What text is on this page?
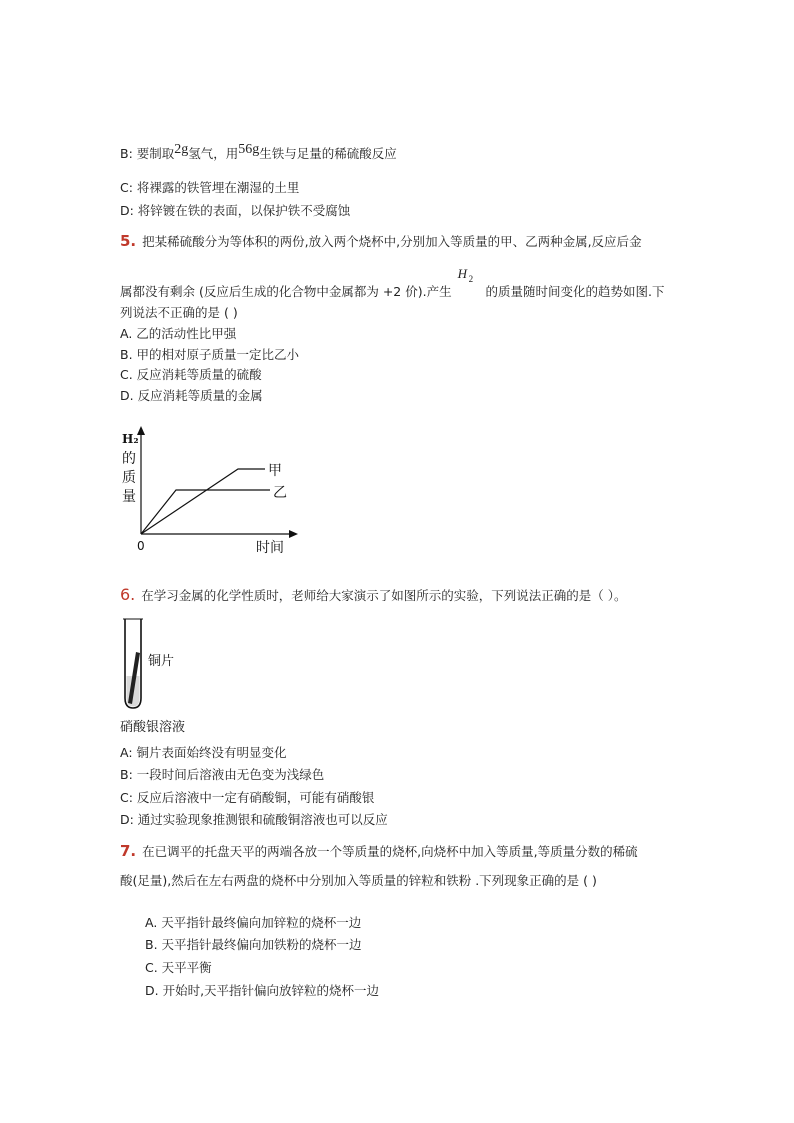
B: 要制取2g氢气，用56g生铁与足量的稀硫酸反应
C: 将裸露的铁管埋在潮湿的土里
D: 将锌镀在铁的表面，以保护铁不受腐蚀
5. 把某稀硫酸分为等体积的两份,放入两个烧杯中,分别加入等质量的甲、乙两种金属,反应后金
属都没有剩余 (反应后生成的化合物中金属都为 +2 价).产生
H 2
的质量随时间变化的趋势如图.下
列说法不正确的是 ( )
A. 乙的活动性比甲强
B. 甲的相对原子质量一定比乙小
C. 反应消耗等质量的硫酸
D. 反应消耗等质量的金属
H₂
的
质
量
0	时间
甲
乙
6. 在学习金属的化学性质时，老师给大家演示了如图所示的实验，下列说法正确的是（ ）。
铜片
硝酸银溶液
A: 铜片表面始终没有明显变化
B: 一段时间后溶液由无色变为浅绿色
C: 反应后溶液中一定有硝酸铜，可能有硝酸银
D: 通过实验现象推测银和硫酸铜溶液也可以反应
7. 在已调平的托盘天平的两端各放一个等质量的烧杯,向烧杯中加入等质量,等质量分数的稀硫
酸(足量),然后在左右两盘的烧杯中分别加入等质量的锌粒和铁粉 .下列现象正确的是 ( )
A. 天平指针最终偏向加锌粒的烧杯一边
B. 天平指针最终偏向加铁粉的烧杯一边
C. 天平平衡
D. 开始时,天平指针偏向放锌粒的烧杯一边
